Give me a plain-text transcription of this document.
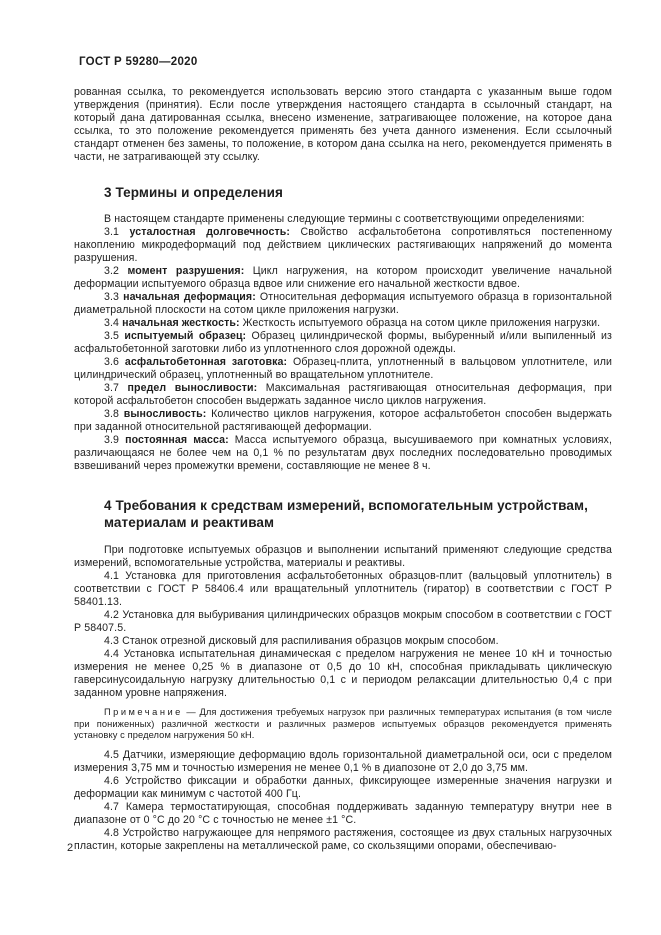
ГОСТ Р 59280—2020

рованная ссылка, то рекомендуется использовать версию этого стандарта с указанным выше годом утверждения (принятия). Если после утверждения настоящего стандарта в ссылочный стандарт, на который дана датированная ссылка, внесено изменение, затрагивающее положение, на которое дана ссылка, то это положение рекомендуется применять без учета данного изменения. Если ссылочный стандарт отменен без замены, то положение, в котором дана ссылка на него, рекомендуется применять в части, не затрагивающей эту ссылку.

3 Термины и определения

В настоящем стандарте применены следующие термины с соответствующими определениями:

3.1 усталостная долговечность: Свойство асфальтобетона сопротивляться постепенному накоплению микродеформаций под действием циклических растягивающих напряжений до момента разрушения.

3.2 момент разрушения: Цикл нагружения, на котором происходит увеличение начальной деформации испытуемого образца вдвое или снижение его начальной жесткости вдвое.

3.3 начальная деформация: Относительная деформация испытуемого образца в горизонтальной диаметральной плоскости на сотом цикле приложения нагрузки.

3.4 начальная жесткость: Жесткость испытуемого образца на сотом цикле приложения нагрузки.

3.5 испытуемый образец: Образец цилиндрической формы, выбуренный и/или выпиленный из асфальтобетонной заготовки либо из уплотненного слоя дорожной одежды.

3.6 асфальтобетонная заготовка: Образец-плита, уплотненный в вальцовом уплотнителе, или цилиндрический образец, уплотненный во вращательном уплотнителе.

3.7 предел выносливости: Максимальная растягивающая относительная деформация, при которой асфальтобетон способен выдержать заданное число циклов нагружения.

3.8 выносливость: Количество циклов нагружения, которое асфальтобетон способен выдержать при заданной относительной растягивающей деформации.

3.9 постоянная масса: Масса испытуемого образца, высушиваемого при комнатных условиях, различающаяся не более чем на 0,1 % по результатам двух последних последовательно проводимых взвешиваний через промежутки времени, составляющие не менее 8 ч.

4 Требования к средствам измерений, вспомогательным устройствам, материалам и реактивам

При подготовке испытуемых образцов и выполнении испытаний применяют следующие средства измерений, вспомогательные устройства, материалы и реактивы.

4.1 Установка для приготовления асфальтобетонных образцов-плит (вальцовый уплотнитель) в соответствии с ГОСТ Р 58406.4 или вращательный уплотнитель (гиратор) в соответствии с ГОСТ Р 58401.13.

4.2 Установка для выбуривания цилиндрических образцов мокрым способом в соответствии с ГОСТ Р 58407.5.

4.3 Станок отрезной дисковый для распиливания образцов мокрым способом.

4.4 Установка испытательная динамическая с пределом нагружения не менее 10 кН и точностью измерения не менее 0,25 % в диапазоне от 0,5 до 10 кН, способная прикладывать циклическую гаверсинусоидальную нагрузку длительностью 0,1 с и периодом релаксации длительностью 0,4 с при заданном уровне напряжения.

Примечание — Для достижения требуемых нагрузок при различных температурах испытания (в том числе при пониженных) различной жесткости и различных размеров испытуемых образцов рекомендуется применять установку с пределом нагружения 50 кН.

4.5 Датчики, измеряющие деформацию вдоль горизонтальной диаметральной оси, оси с пределом измерения 3,75 мм и точностью измерения не менее 0,1 % в диапозоне от 2,0 до 3,75 мм.

4.6 Устройство фиксации и обработки данных, фиксирующее измеренные значения нагрузки и деформации как минимум с частотой 400 Гц.

4.7 Камера термостатирующая, способная поддерживать заданную температуру внутри нее в диапазоне от 0 °С до 20 °С с точностью не менее ±1 °С.

4.8 Устройство нагружающее для непрямого растяжения, состоящее из двух стальных нагрузочных пластин, которые закреплены на металлической раме, со скользящими опорами, обеспечиваю-

2
